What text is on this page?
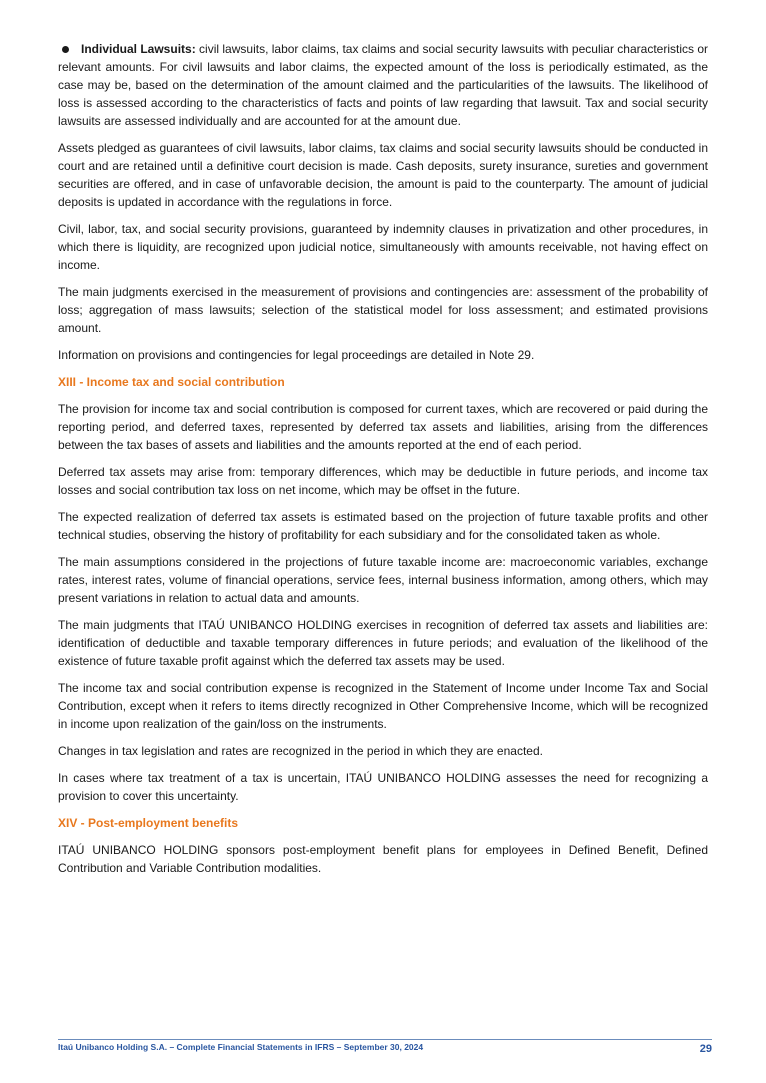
Individual Lawsuits: civil lawsuits, labor claims, tax claims and social security lawsuits with peculiar characteristics or relevant amounts. For civil lawsuits and labor claims, the expected amount of the loss is periodically estimated, as the case may be, based on the determination of the amount claimed and the particularities of the lawsuits. The likelihood of loss is assessed according to the characteristics of facts and points of law regarding that lawsuit. Tax and social security lawsuits are assessed individually and are accounted for at the amount due.

Assets pledged as guarantees of civil lawsuits, labor claims, tax claims and social security lawsuits should be conducted in court and are retained until a definitive court decision is made. Cash deposits, surety insurance, sureties and government securities are offered, and in case of unfavorable decision, the amount is paid to the counterparty. The amount of judicial deposits is updated in accordance with the regulations in force.

Civil, labor, tax, and social security provisions, guaranteed by indemnity clauses in privatization and other procedures, in which there is liquidity, are recognized upon judicial notice, simultaneously with amounts receivable, not having effect on income.

The main judgments exercised in the measurement of provisions and contingencies are: assessment of the probability of loss; aggregation of mass lawsuits; selection of the statistical model for loss assessment; and estimated provisions amount.

Information on provisions and contingencies for legal proceedings are detailed in Note 29.

XIII - Income tax and social contribution

The provision for income tax and social contribution is composed for current taxes, which are recovered or paid during the reporting period, and deferred taxes, represented by deferred tax assets and liabilities, arising from the differences between the tax bases of assets and liabilities and the amounts reported at the end of each period.

Deferred tax assets may arise from: temporary differences, which may be deductible in future periods, and income tax losses and social contribution tax loss on net income, which may be offset in the future.

The expected realization of deferred tax assets is estimated based on the projection of future taxable profits and other technical studies, observing the history of profitability for each subsidiary and for the consolidated taken as whole.

The main assumptions considered in the projections of future taxable income are: macroeconomic variables, exchange rates, interest rates, volume of financial operations, service fees, internal business information, among others, which may present variations in relation to actual data and amounts.

The main judgments that ITAÚ UNIBANCO HOLDING exercises in recognition of deferred tax assets and liabilities are: identification of deductible and taxable temporary differences in future periods; and evaluation of the likelihood of the existence of future taxable profit against which the deferred tax assets may be used.

The income tax and social contribution expense is recognized in the Statement of Income under Income Tax and Social Contribution, except when it refers to items directly recognized in Other Comprehensive Income, which will be recognized in income upon realization of the gain/loss on the instruments.

Changes in tax legislation and rates are recognized in the period in which they are enacted.

In cases where tax treatment of a tax is uncertain, ITAÚ UNIBANCO HOLDING assesses the need for recognizing a provision to cover this uncertainty.

XIV - Post-employment benefits

ITAÚ UNIBANCO HOLDING sponsors post-employment benefit plans for employees in Defined Benefit, Defined Contribution and Variable Contribution modalities.

Itaú Unibanco Holding S.A. – Complete Financial Statements in IFRS – September 30, 2024	29
